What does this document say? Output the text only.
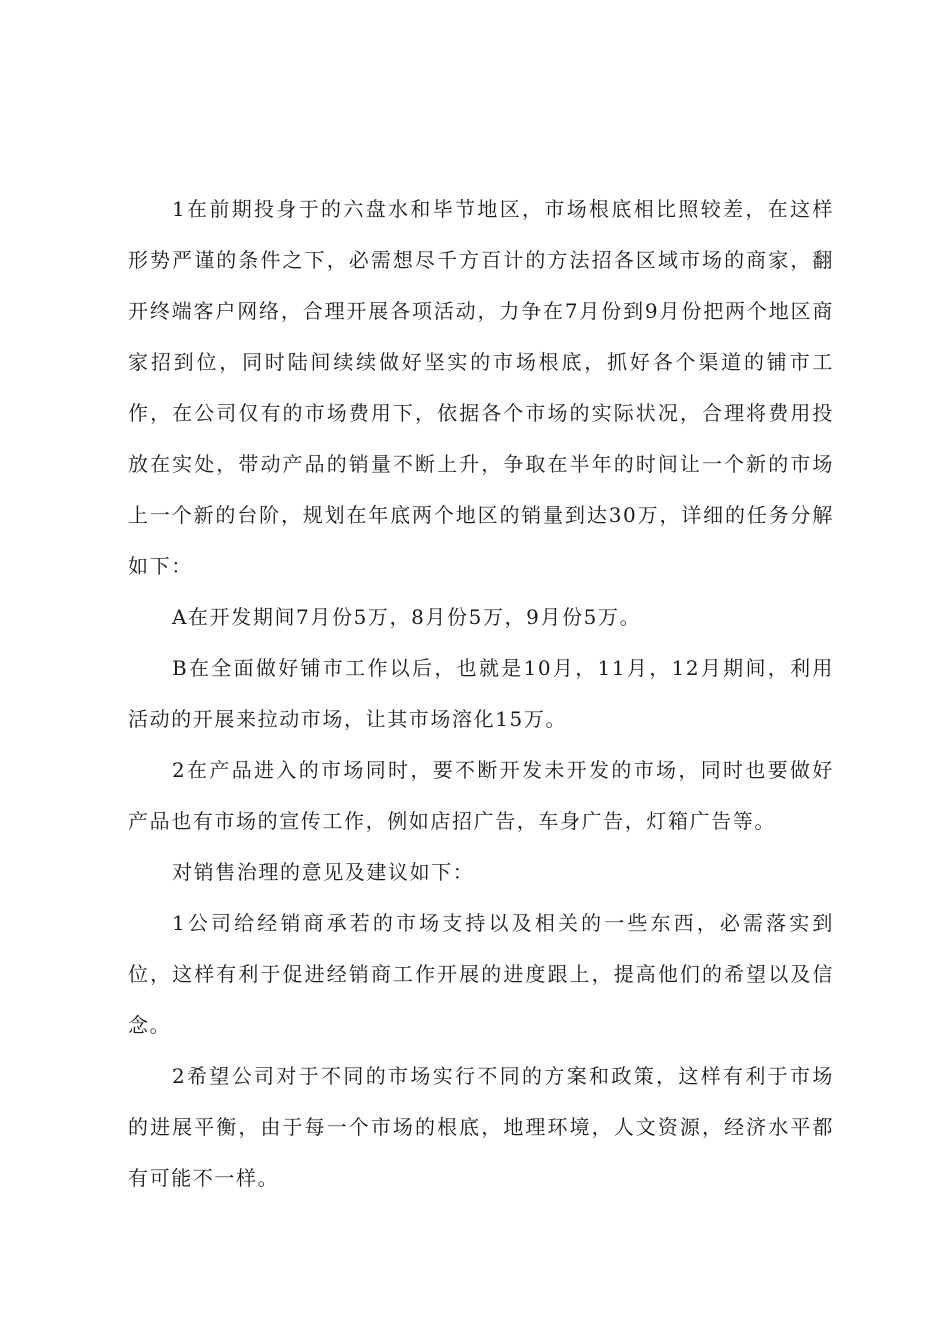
1在前期投身于的六盘水和毕节地区，市场根底相比照较差，在这样形势严谨的条件之下，必需想尽千方百计的方法招各区域市场的商家，翻开终端客户网络，合理开展各项活动，力争在7月份到9月份把两个地区商家招到位，同时陆间续续做好坚实的市场根底，抓好各个渠道的铺市工作，在公司仅有的市场费用下，依据各个市场的实际状况，合理将费用投放在实处，带动产品的销量不断上升，争取在半年的时间让一个新的市场上一个新的台阶，规划在年底两个地区的销量到达30万，详细的任务分解如下：

A在开发期间7月份5万，8月份5万，9月份5万。

B在全面做好铺市工作以后，也就是10月，11月，12月期间，利用活动的开展来拉动市场，让其市场溶化15万。

2在产品进入的市场同时，要不断开发未开发的市场，同时也要做好产品也有市场的宣传工作，例如店招广告，车身广告，灯箱广告等。

对销售治理的意见及建议如下：

1公司给经销商承若的市场支持以及相关的一些东西，必需落实到位，这样有利于促进经销商工作开展的进度跟上，提高他们的希望以及信念。

2希望公司对于不同的市场实行不同的方案和政策，这样有利于市场的进展平衡，由于每一个市场的根底，地理环境，人文资源，经济水平都有可能不一样。
